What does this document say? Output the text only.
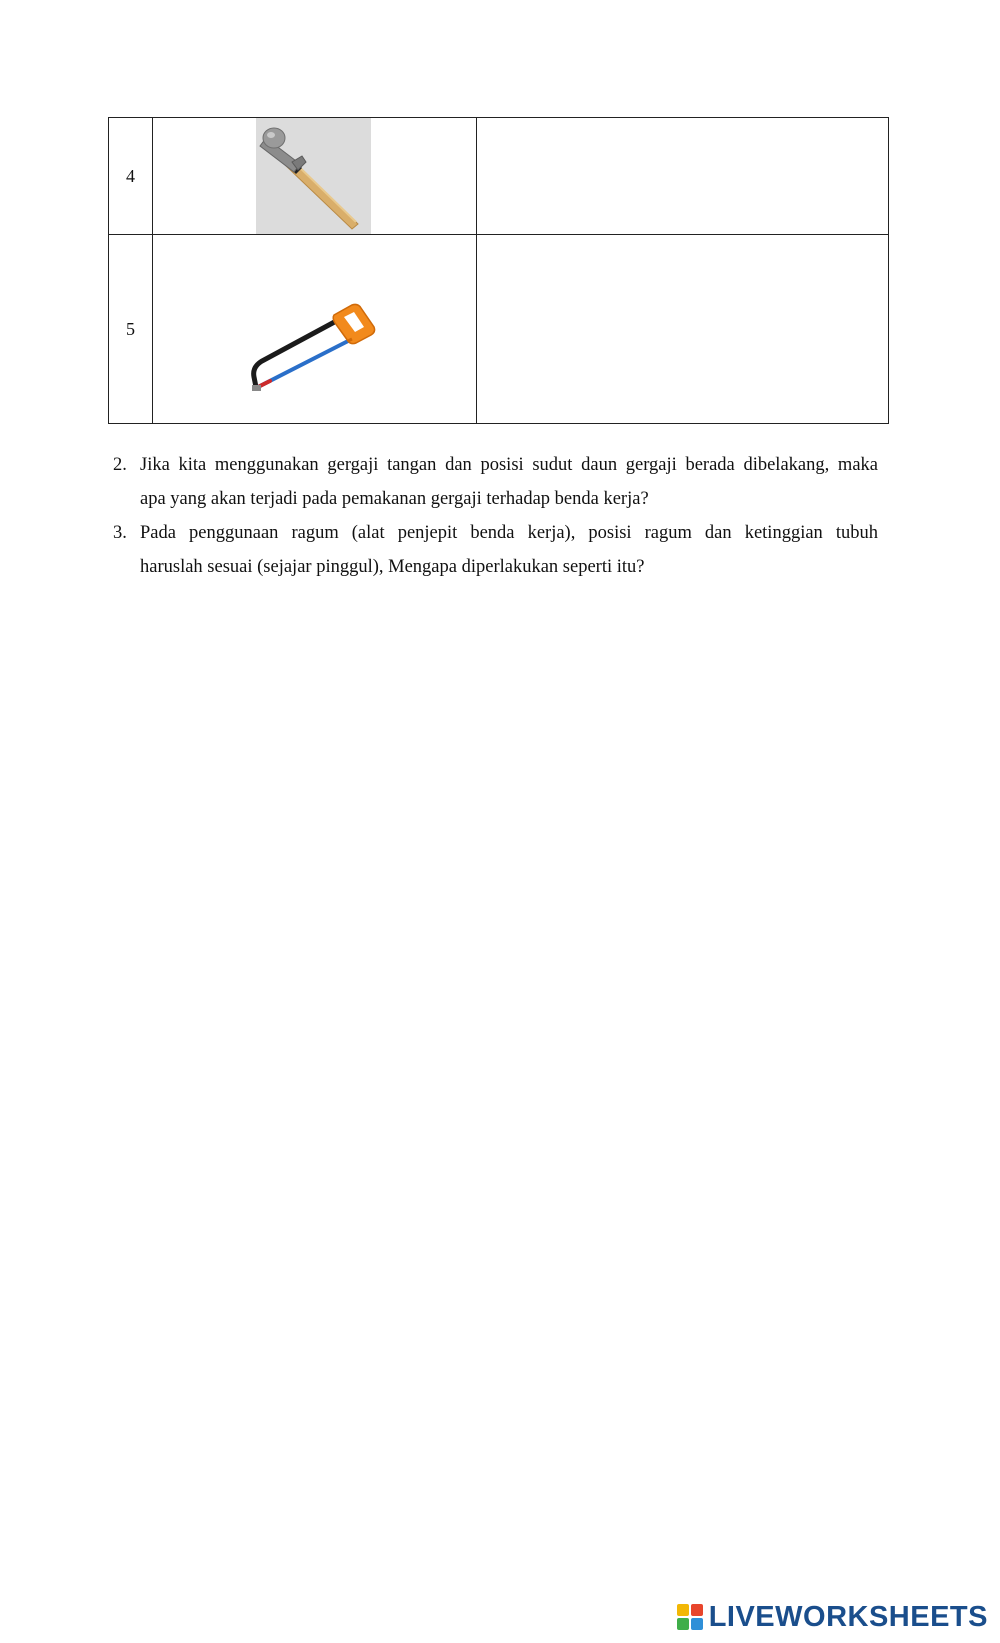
4	

5	

2. Jika kita menggunakan gergaji tangan dan posisi sudut daun gergaji berada dibelakang, maka
apa yang akan terjadi pada pemakanan gergaji terhadap benda kerja?
3. Pada penggunaan ragum (alat penjepit benda kerja), posisi ragum dan ketinggian tubuh
haruslah sesuai (sejajar pinggul), Mengapa diperlakukan seperti itu?
LIVEWORKSHEETS
